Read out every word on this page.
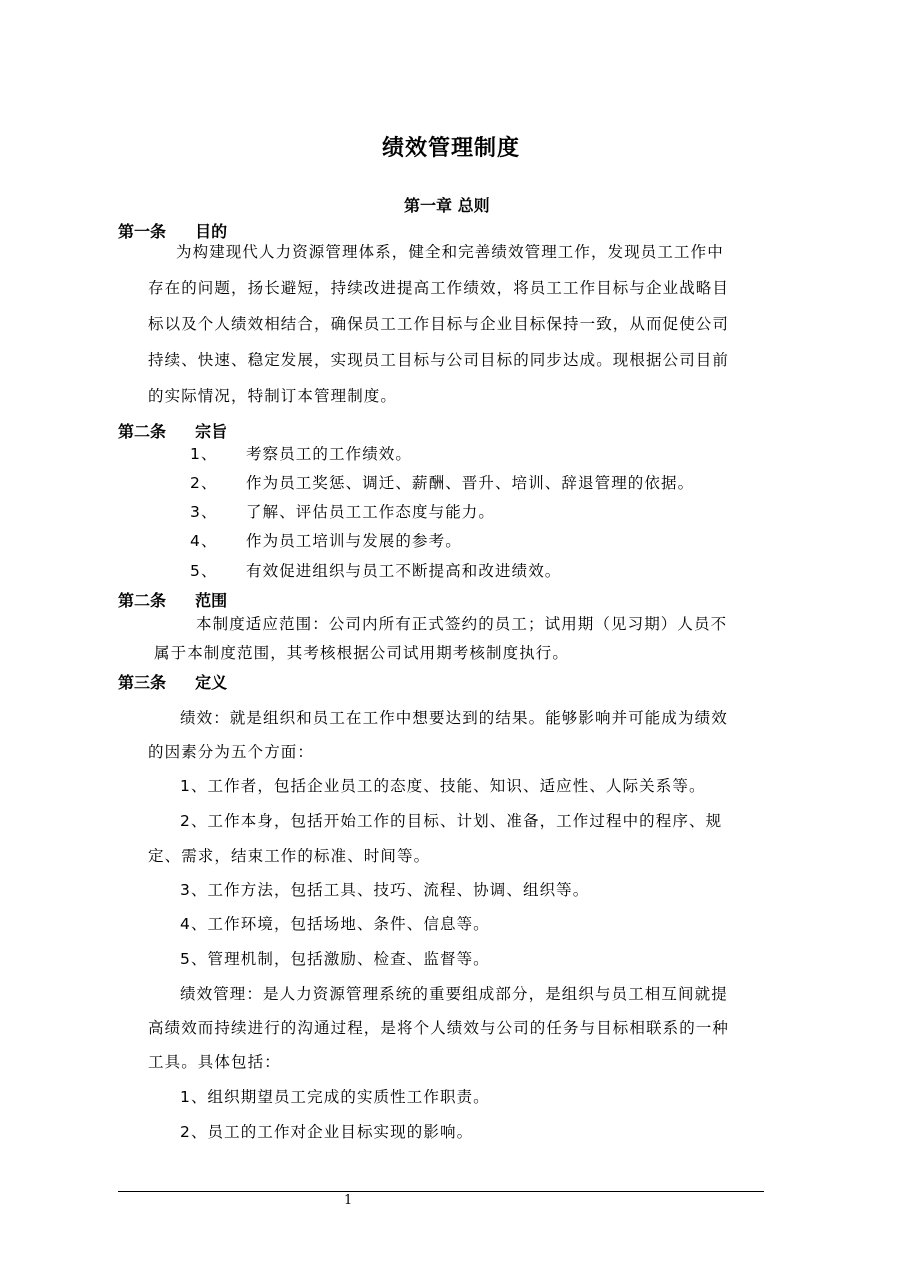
绩效管理制度
第一章 总则
第一条 目的
为构建现代人力资源管理体系，健全和完善绩效管理工作，发现员工工作中
存在的问题，扬长避短，持续改进提高工作绩效，将员工工作目标与企业战略目
标以及个人绩效相结合，确保员工工作目标与企业目标保持一致，从而促使公司
持续、快速、稳定发展，实现员工目标与公司目标的同步达成。现根据公司目前
的实际情况，特制订本管理制度。
第二条 宗旨
1、 考察员工的工作绩效。
2、 作为员工奖惩、调迁、薪酬、晋升、培训、辞退管理的依据。
3、 了解、评估员工工作态度与能力。
4、 作为员工培训与发展的参考。
5、 有效促进组织与员工不断提高和改进绩效。
第二条 范围
本制度适应范围：公司内所有正式签约的员工；试用期（见习期）人员不
属于本制度范围，其考核根据公司试用期考核制度执行。
第三条 定义
绩效：就是组织和员工在工作中想要达到的结果。能够影响并可能成为绩效
的因素分为五个方面：
1、工作者，包括企业员工的态度、技能、知识、适应性、人际关系等。
2、工作本身，包括开始工作的目标、计划、准备，工作过程中的程序、规
定、需求，结束工作的标准、时间等。
3、工作方法，包括工具、技巧、流程、协调、组织等。
4、工作环境，包括场地、条件、信息等。
5、管理机制，包括激励、检查、监督等。
绩效管理：是人力资源管理系统的重要组成部分，是组织与员工相互间就提
高绩效而持续进行的沟通过程，是将个人绩效与公司的任务与目标相联系的一种
工具。具体包括：
1、组织期望员工完成的实质性工作职责。
2、员工的工作对企业目标实现的影响。
1
